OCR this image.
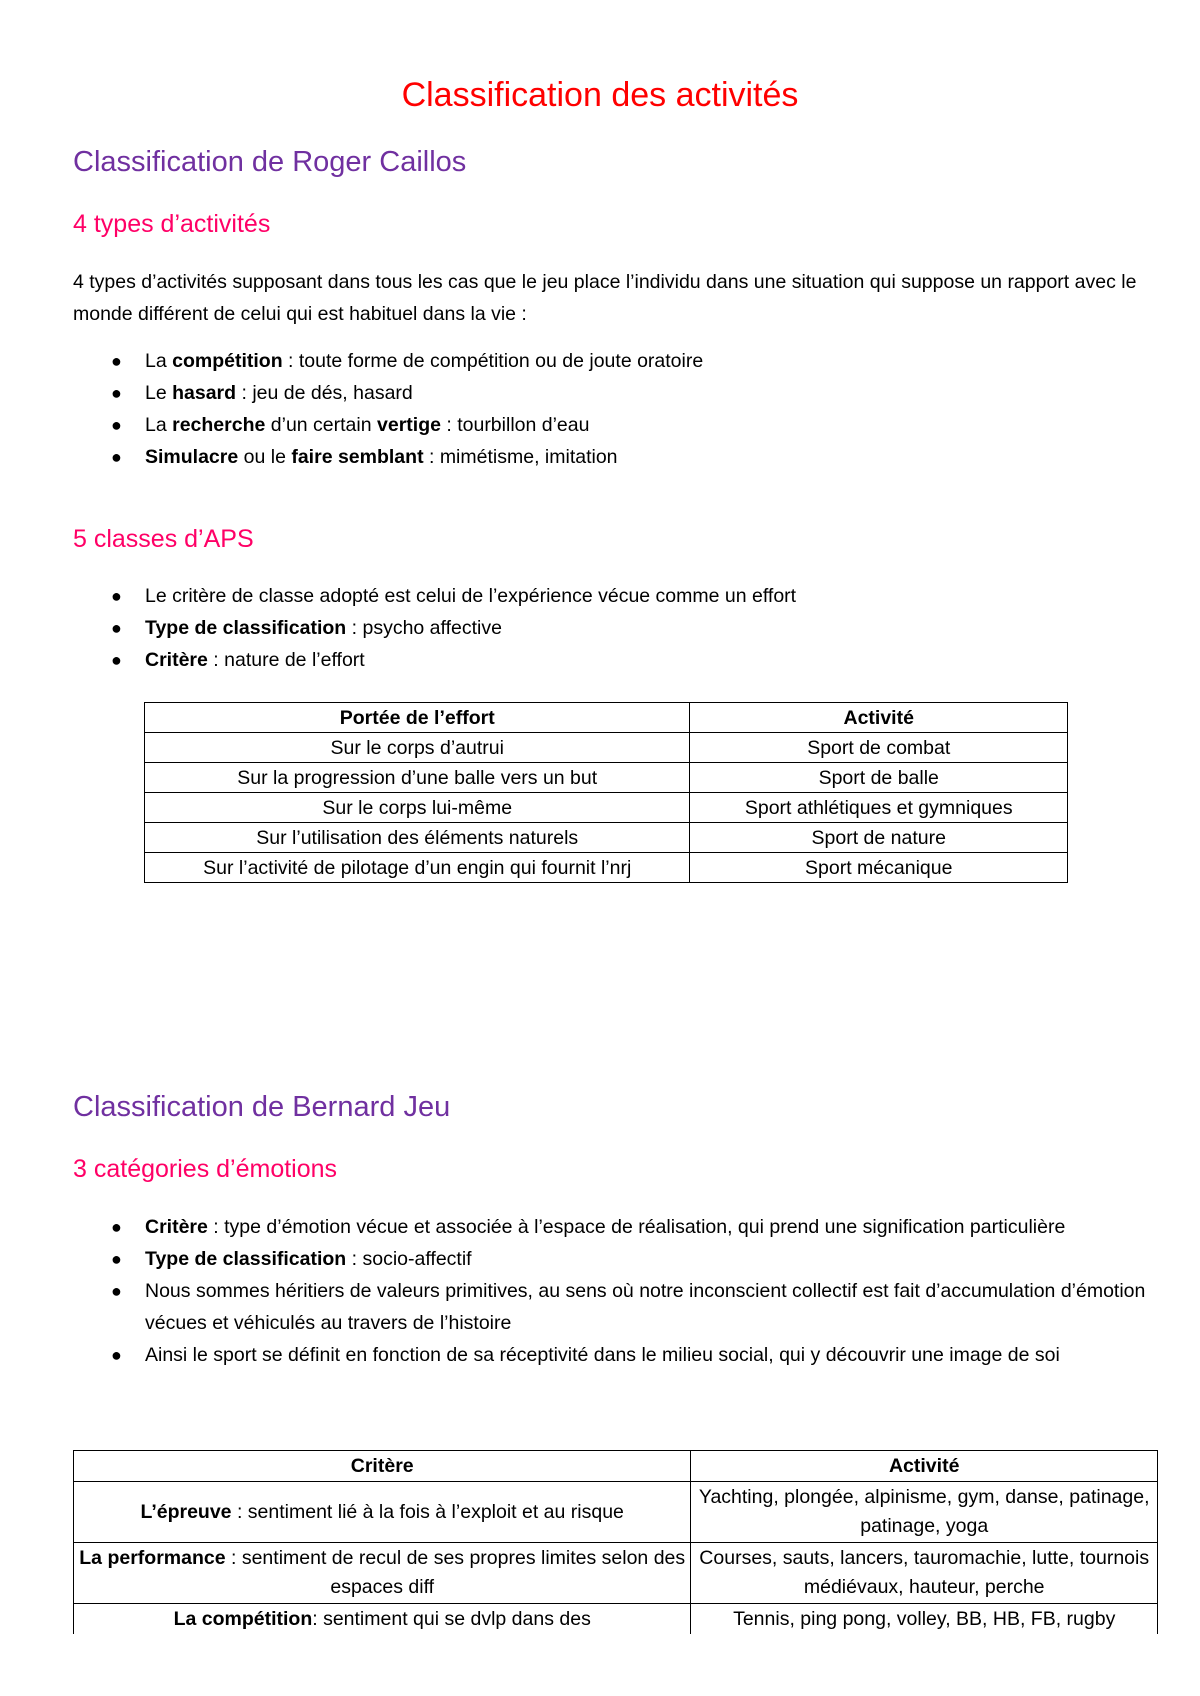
Classification des activités
Classification de Roger Caillos
4 types d’activités
4 types d’activités supposant dans tous les cas que le jeu place l’individu dans une situation qui suppose un rapport avec le monde différent de celui qui est habituel dans la vie :
● La compétition : toute forme de compétition ou de joute oratoire
● Le hasard : jeu de dés, hasard
● La recherche d’un certain vertige : tourbillon d’eau
● Simulacre ou le faire semblant : mimétisme, imitation
5 classes d’APS
● Le critère de classe adopté est celui de l’expérience vécue comme un effort
● Type de classification : psycho affective
● Critère : nature de l’effort
Portée de l’effort	Activité
Sur le corps d’autrui	Sport de combat
Sur la progression d’une balle vers un but	Sport de balle
Sur le corps lui-même	Sport athlétiques et gymniques
Sur l’utilisation des éléments naturels	Sport de nature
Sur l’activité de pilotage d’un engin qui fournit l’nrj	Sport mécanique
Classification de Bernard Jeu
3 catégories d’émotions
● Critère : type d’émotion vécue et associée à l’espace de réalisation, qui prend une signification particulière
● Type de classification : socio-affectif
● Nous sommes héritiers de valeurs primitives, au sens où notre inconscient collectif est fait d’accumulation d’émotion vécues et véhiculés au travers de l’histoire
● Ainsi le sport se définit en fonction de sa réceptivité dans le milieu social, qui y découvrir une image de soi
Critère	Activité
L’épreuve : sentiment lié à la fois à l’exploit et au risque	Yachting, plongée, alpinisme, gym, danse, patinage, patinage, yoga
La performance : sentiment de recul de ses propres limites selon des espaces diff	Courses, sauts, lancers, tauromachie, lutte, tournois médiévaux, hauteur, perche
La compétition: sentiment qui se dvlp dans des	Tennis, ping pong, volley, BB, HB, FB, rugby
